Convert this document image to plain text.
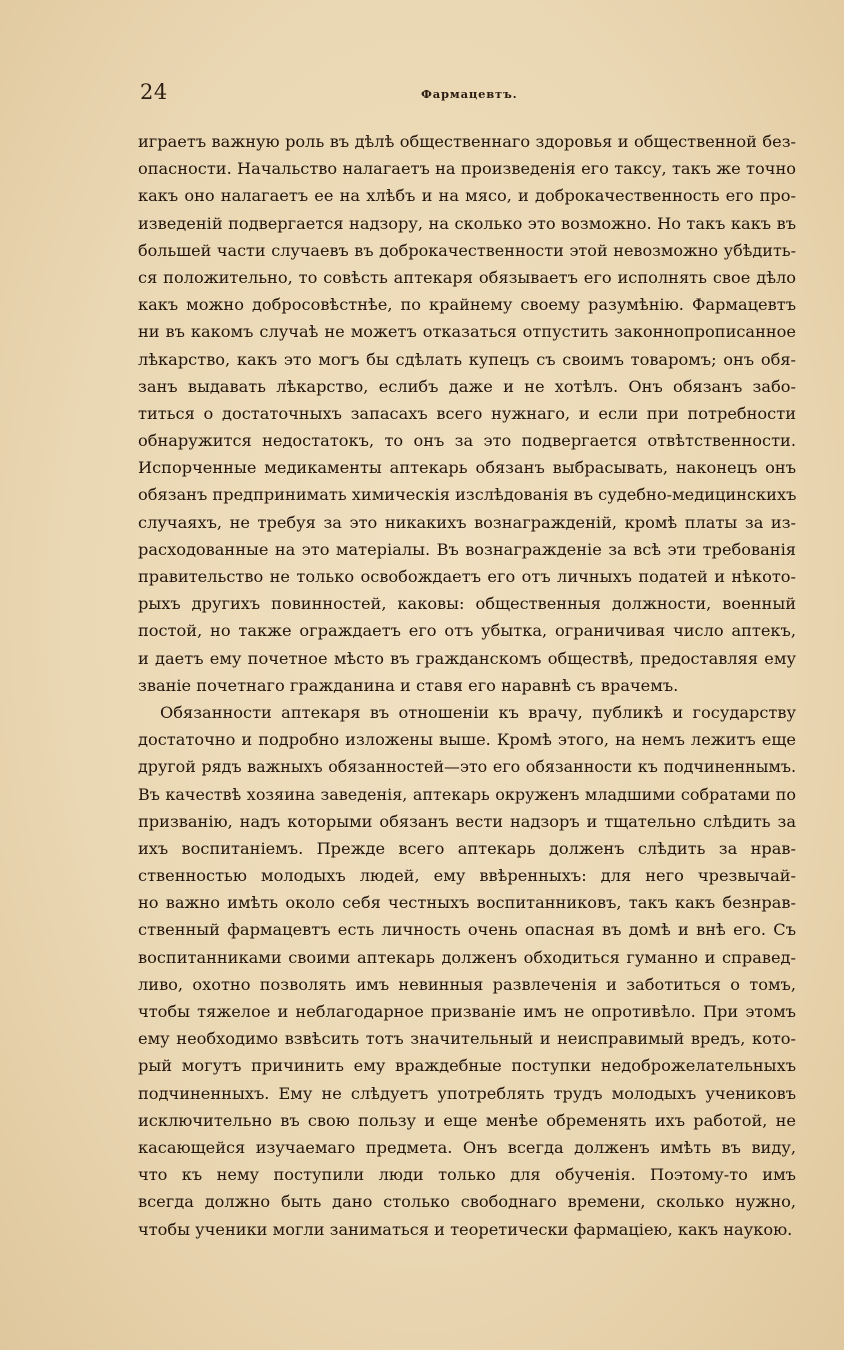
24	Фармацевтъ.
играетъ важную роль въ дѣлѣ общественнаго здоровья и общественной без-
опасности. Начальство налагаетъ на произведенія его таксу, такъ же точно
какъ оно налагаетъ ее на хлѣбъ и на мясо, и доброкачественность его про-
изведеній подвергается надзору, на сколько это возможно. Но такъ какъ въ
большей части случаевъ въ доброкачественности этой невозможно убѣдить-
ся положительно, то совѣсть аптекаря обязываетъ его исполнять свое дѣло
какъ можно добросовѣстнѣе, по крайнему своему разумѣнію. Фармацевтъ
ни въ какомъ случаѣ не можетъ отказаться отпустить законнопрописанное
лѣкарство, какъ это могъ бы сдѣлать купецъ съ своимъ товаромъ; онъ обя-
занъ выдавать лѣкарство, еслибъ даже и не хотѣлъ. Онъ обязанъ забо-
титься о достаточныхъ запасахъ всего нужнаго, и если при потребности
обнаружится недостатокъ, то онъ за это подвергается отвѣтственности.
Испорченные медикаменты аптекарь обязанъ выбрасывать, наконецъ онъ
обязанъ предпринимать химическія изслѣдованія въ судебно-медицинскихъ
случаяхъ, не требуя за это никакихъ вознагражденій, кромѣ платы за из-
расходованные на это матеріалы. Въ вознагражденіе за всѣ эти требованія
правительство не только освобождаетъ его отъ личныхъ податей и нѣкото-
рыхъ другихъ повинностей, каковы: общественныя должности, военный
постой, но также ограждаетъ его отъ убытка, ограничивая число аптекъ,
и даетъ ему почетное мѣсто въ гражданскомъ обществѣ, предоставляя ему
званіе почетнаго гражданина и ставя его наравнѣ съ врачемъ.
Обязанности аптекаря въ отношеніи къ врачу, публикѣ и государству
достаточно и подробно изложены выше. Кромѣ этого, на немъ лежитъ еще
другой рядъ важныхъ обязанностей—это его обязанности къ подчиненнымъ.
Въ качествѣ хозяина заведенія, аптекарь окруженъ младшими собратами по
призванію, надъ которыми обязанъ вести надзоръ и тщательно слѣдить за
ихъ воспитаніемъ. Прежде всего аптекарь долженъ слѣдить за нрав-
ственностью молодыхъ людей, ему ввѣренныхъ: для него чрезвычай-
но важно имѣть около себя честныхъ воспитанниковъ, такъ какъ безнрав-
ственный фармацевтъ есть личность очень опасная въ домѣ и внѣ его. Съ
воспитанниками своими аптекарь долженъ обходиться гуманно и справед-
ливо, охотно позволять имъ невинныя развлеченія и заботиться о томъ,
чтобы тяжелое и неблагодарное призваніе имъ не опротивѣло. При этомъ
ему необходимо взвѣсить тотъ значительный и неисправимый вредъ, кото-
рый могутъ причинить ему враждебные поступки недоброжелательныхъ
подчиненныхъ. Ему не слѣдуетъ употреблять трудъ молодыхъ учениковъ
исключительно въ свою пользу и еще менѣе обременять ихъ работой, не
касающейся изучаемаго предмета. Онъ всегда долженъ имѣть въ виду,
что къ нему поступили люди только для обученія. Поэтому-то имъ
всегда должно быть дано столько свободнаго времени, сколько нужно,
чтобы ученики могли заниматься и теоретически фармаціею, какъ наукою.
